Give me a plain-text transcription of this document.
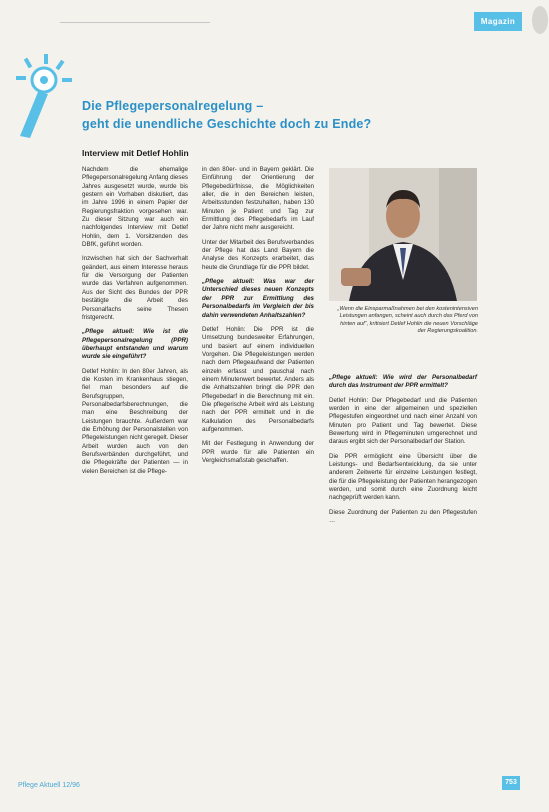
Magazin
Die Pflegepersonalregelung –
geht die unendliche Geschichte doch zu Ende?
Interview mit Detlef Hohlin

Nachdem die ehemalige Pflegepersonalregelung Anfang dieses Jahres ausgesetzt wurde, wurde bis gestern ein Vorhaben diskutiert, das im Jahre 1996 in einem Papier der Regierungsfraktion vorgesehen war. Zu dieser Sitzung war auch ein nachfolgendes Interview mit Detlef Hohlin, dem 1. Vorsitzenden des DBfK, geführt worden.

Inzwischen hat sich der Sachverhalt geändert, aus einem Interesse heraus für die Versorgung der Patienten wurde das Verfahren aufgenommen. Aus der Sicht des Bundes der PPR bestätigte die Arbeit des Personalfachs seine Thesen fristgerecht.

„Pflege aktuell: Wie ist die Pflegepersonalregelung (PPR) überhaupt entstanden und warum wurde sie eingeführt?

Detlef Hohlin: In den 80er Jahren, als die Kosten im Krankenhaus stiegen, fiel man besonders auf die Berufsgruppen, Personalbedarfsberechnungen, die man eine Beschreibung der Leistungen brauchte. Außerdem war die Erhöhung der Personalstellen von Pflegeleistungen nicht geregelt. Dieser Arbeit wurden auch von den Berufsverbänden durchgeführt, und die Pflegekräfte der Patienten — in vielen Bereichen ist die Pflege-

in den 80er- und in Bayern geklärt. Die Einführung der Orientierung der Pflegebedürfnisse, die Möglichkeiten aller, die in den Bereichen leisten, Arbeitsstunden festzuhalten, haben 130 Minuten je Patient und Tag zur Ermittlung des Pflegebedarfs im Lauf der Jahre nicht mehr ausgereicht.

Unter der Mitarbeit des Berufsverbandes der Pflege hat das Land Bayern die Analyse des Konzepts erarbeitet, das heute die Grundlage für die PPR bildet.

„Pflege aktuell: Was war der Unterschied dieses neuen Konzepts der PPR zur Ermittlung des Personalbedarfs im Vergleich der bis dahin verwendeten Anhaltszahlen?

Detlef Hohlin: Die PPR ist die Umsetzung bundesweiter Erfahrungen, und basiert auf einem individuellen Vorgehen. Die Pflegeleistungen werden nach dem Pflegeaufwand der Patienten einzeln erfasst und pauschal nach einem Minutenwert bewertet. Anders als die Anhaltszahlen bringt die PPR den Pflegebedarf in die Berechnung mit ein. Die pflegerische Arbeit wird als Leistung nach der PPR ermittelt und in die Kalkulation des Personalbedarfs aufgenommen.

Mit der Festlegung in Anwendung der PPR wurde für alle Patienten ein Vergleichsmaßstab geschaffen.

„Wenn die Einsparmaßnahmen bei den kostenintensiven Leistungen anfangen, scheint auch durch das Pferd von hinten auf“, kritisiert Detlef Hohlin die neuen Vorschläge der Regierungskoalition.

„Pflege aktuell: Wie wird der Personalbedarf durch das Instrument der PPR ermittelt?

Detlef Hohlin: Der Pflegebedarf und die Patienten werden in eine der allgemeinen und speziellen Pflegestufen eingeordnet und nach einer Anzahl von Minuten pro Patient und Tag bewertet. Diese Bewertung wird in Pflegeminuten umgerechnet und daraus ergibt sich der Personalbedarf der Station.

Die PPR ermöglicht eine Übersicht über die Leistungs- und Bedarfsentwicklung, da sie unter anderem Zeitwerte für einzelne Leistungen festlegt, die für die Pflegeleistung der Patienten herangezogen werden, und somit durch eine Zuordnung leicht nachgeprüft werden kann.

Diese Zuordnung der Patienten zu den Pflegestufen …

Pflege Aktuell 12/96	753
